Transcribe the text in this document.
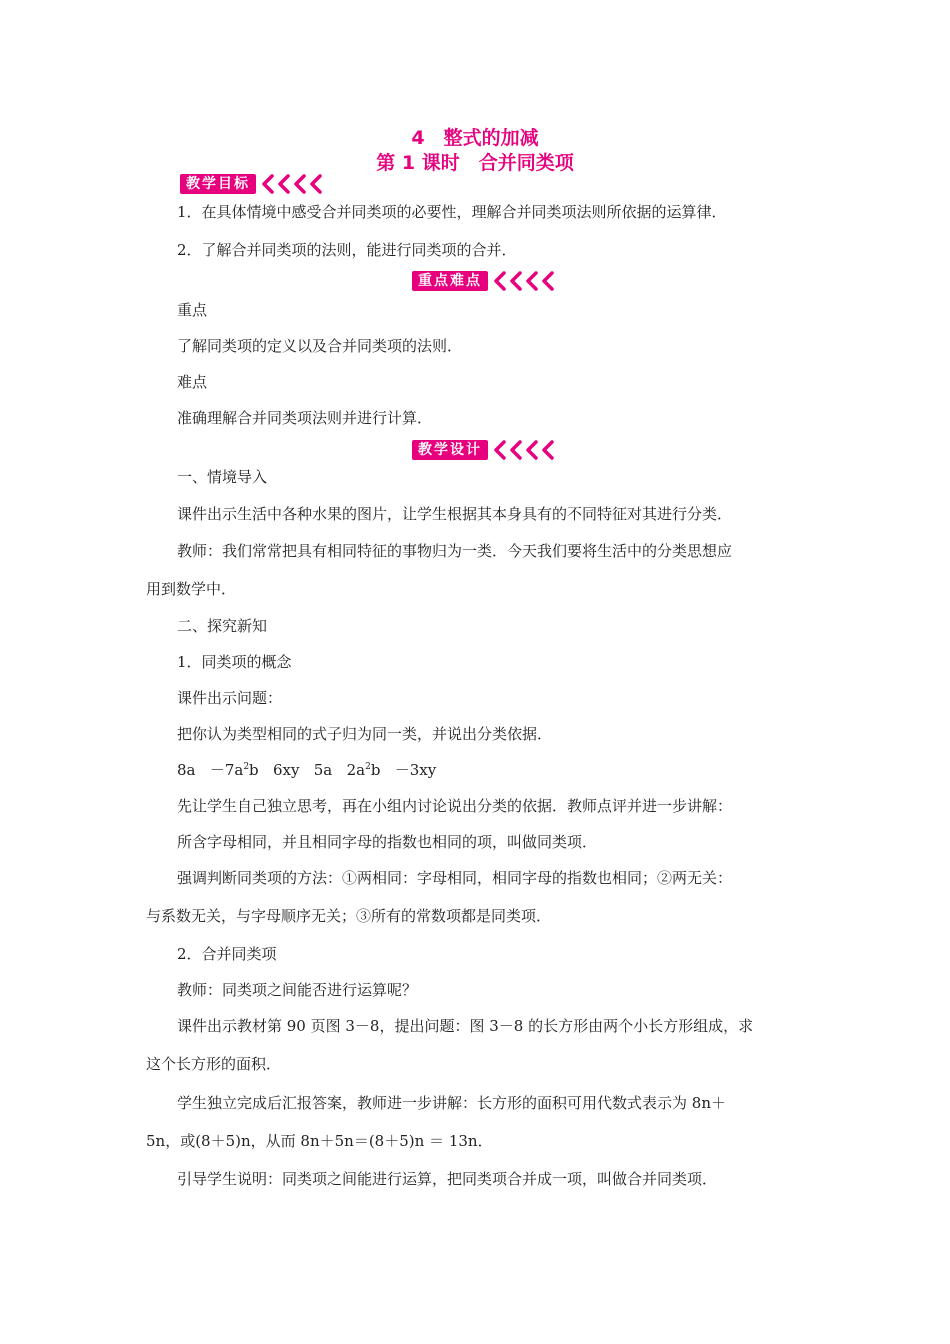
4　整式的加减
第 1 课时　合并同类项
教学目标
1．在具体情境中感受合并同类项的必要性，理解合并同类项法则所依据的运算律．
2．了解合并同类项的法则，能进行同类项的合并．
重点难点
重点
了解同类项的定义以及合并同类项的法则．
难点
准确理解合并同类项法则并进行计算．
教学设计
一、情境导入
课件出示生活中各种水果的图片，让学生根据其本身具有的不同特征对其进行分类．
教师：我们常常把具有相同特征的事物归为一类．今天我们要将生活中的分类思想应
用到数学中．
二、探究新知
1．同类项的概念
课件出示问题：
把你认为类型相同的式子归为同一类，并说出分类依据．
$8a -7a^2b$ 6xy 5a $2a^2b -3xy$
先让学生自己独立思考，再在小组内讨论说出分类的依据．教师点评并进一步讲解：
所含字母相同，并且相同字母的指数也相同的项，叫做同类项．
强调判断同类项的方法：①两相同：字母相同，相同字母的指数也相同；②两无关：
与系数无关，与字母顺序无关；③所有的常数项都是同类项．
2．合并同类项
教师：同类项之间能否进行运算呢？
课件出示教材第 90 页图 3－8，提出问题：图 3－8 的长方形由两个小长方形组成，求
这个长方形的面积．
学生独立完成后汇报答案，教师进一步讲解：长方形的面积可用代数式表示为 8n＋
5n，或(8＋5)n，从而 8n＋5n＝(8＋5)n ＝ 13n．
引导学生说明：同类项之间能进行运算，把同类项合并成一项，叫做合并同类项．
